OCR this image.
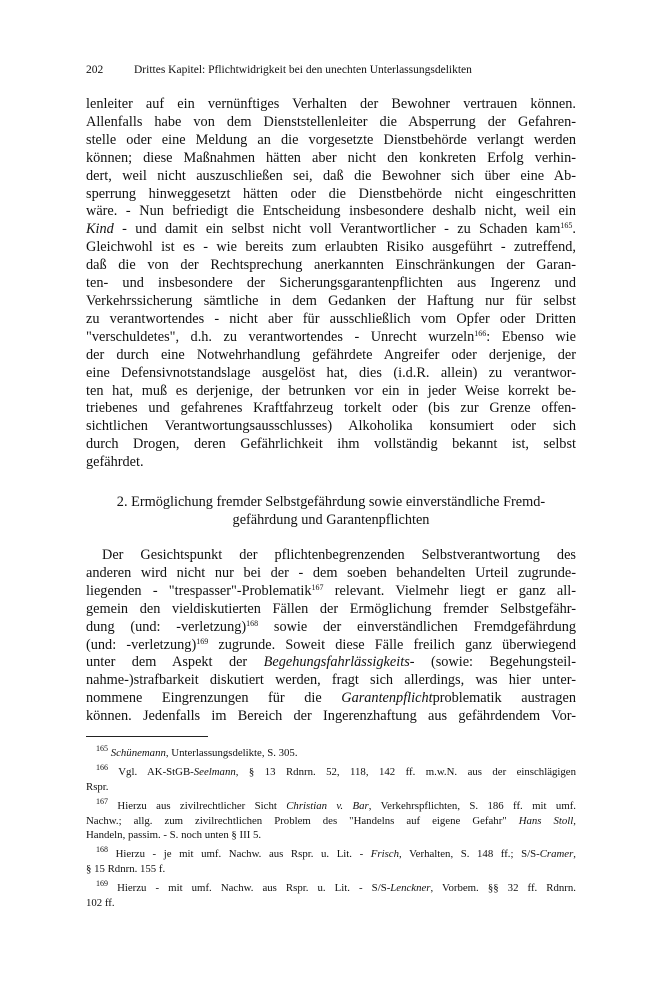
202	Drittes Kapitel: Pflichtwidrigkeit bei den unechten Unterlassungsdelikten
lenleiter auf ein vernünftiges Verhalten der Bewohner vertrauen können.
Allenfalls habe von dem Dienststellenleiter die Absperrung der Gefahren-
stelle oder eine Meldung an die vorgesetzte Dienstbehörde verlangt werden
können; diese Maßnahmen hätten aber nicht den konkreten Erfolg verhin-
dert, weil nicht auszuschließen sei, daß die Bewohner sich über eine Ab-
sperrung hinweggesetzt hätten oder die Dienstbehörde nicht eingeschritten
wäre. - Nun befriedigt die Entscheidung insbesondere deshalb nicht, weil ein
Kind - und damit ein selbst nicht voll Verantwortlicher - zu Schaden kam$^{165}$.
Gleichwohl ist es - wie bereits zum erlaubten Risiko ausgeführt - zutreffend,
daß die von der Rechtsprechung anerkannten Einschränkungen der Garan-
ten- und insbesondere der Sicherungsgarantenpflichten aus Ingerenz und
Verkehrssicherung sämtliche in dem Gedanken der Haftung nur für selbst
zu verantwortendes - nicht aber für ausschließlich vom Opfer oder Dritten
"verschuldetes", d.h. zu verantwortendes - Unrecht wurzeln$^{166}$: Ebenso wie
der durch eine Notwehrhandlung gefährdete Angreifer oder derjenige, der
eine Defensivnotstandslage ausgelöst hat, dies (i.d.R. allein) zu verantwor-
ten hat, muß es derjenige, der betrunken vor ein in jeder Weise korrekt be-
triebenes und gefahrenes Kraftfahrzeug torkelt oder (bis zur Grenze offen-
sichtlichen Verantwortungsausschlusses) Alkoholika konsumiert oder sich
durch Drogen, deren Gefährlichkeit ihm vollständig bekannt ist, selbst
gefährdet.
2. Ermöglichung fremder Selbstgefährdung sowie einverständliche Fremd-
gefährdung und Garantenpflichten
Der Gesichtspunkt der pflichtenbegrenzenden Selbstverantwortung des
anderen wird nicht nur bei der - dem soeben behandelten Urteil zugrunde-
liegenden - "trespasser"-Problematik$^{167}$ relevant. Vielmehr liegt er ganz all-
gemein den vieldiskutierten Fällen der Ermöglichung fremder Selbstgefähr-
dung (und: -verletzung)$^{168}$ sowie der einverständlichen Fremdgefährdung
(und: -verletzung)$^{169}$ zugrunde. Soweit diese Fälle freilich ganz überwiegend
unter dem Aspekt der Begehungsfahrlässigkeits- (sowie: Begehungsteil-
nahme-)strafbarkeit diskutiert werden, fragt sich allerdings, was hier unter-
nommene Eingrenzungen für die Garantenpflichtproblematik austragen
können. Jedenfalls im Bereich der Ingerenzhaftung aus gefährdendem Vor-
$^{165}$ Schünemann, Unterlassungsdelikte, S. 305.
$^{166}$ Vgl. AK-StGB-Seelmann, § 13 Rdnrn. 52, 118, 142 ff. m.w.N. aus der einschlägigen
Rspr.
$^{167}$ Hierzu aus zivilrechtlicher Sicht Christian v. Bar, Verkehrspflichten, S. 186 ff. mit umf.
Nachw.; allg. zum zivilrechtlichen Problem des "Handelns auf eigene Gefahr" Hans Stoll,
Handeln, passim. - S. noch unten § III 5.
$^{168}$ Hierzu - je mit umf. Nachw. aus Rspr. u. Lit. - Frisch, Verhalten, S. 148 ff.; S/S-Cramer,
§ 15 Rdnrn. 155 f.
$^{169}$ Hierzu - mit umf. Nachw. aus Rspr. u. Lit. - S/S-Lenckner, Vorbem. §§ 32 ff. Rdnrn.
102 ff.
